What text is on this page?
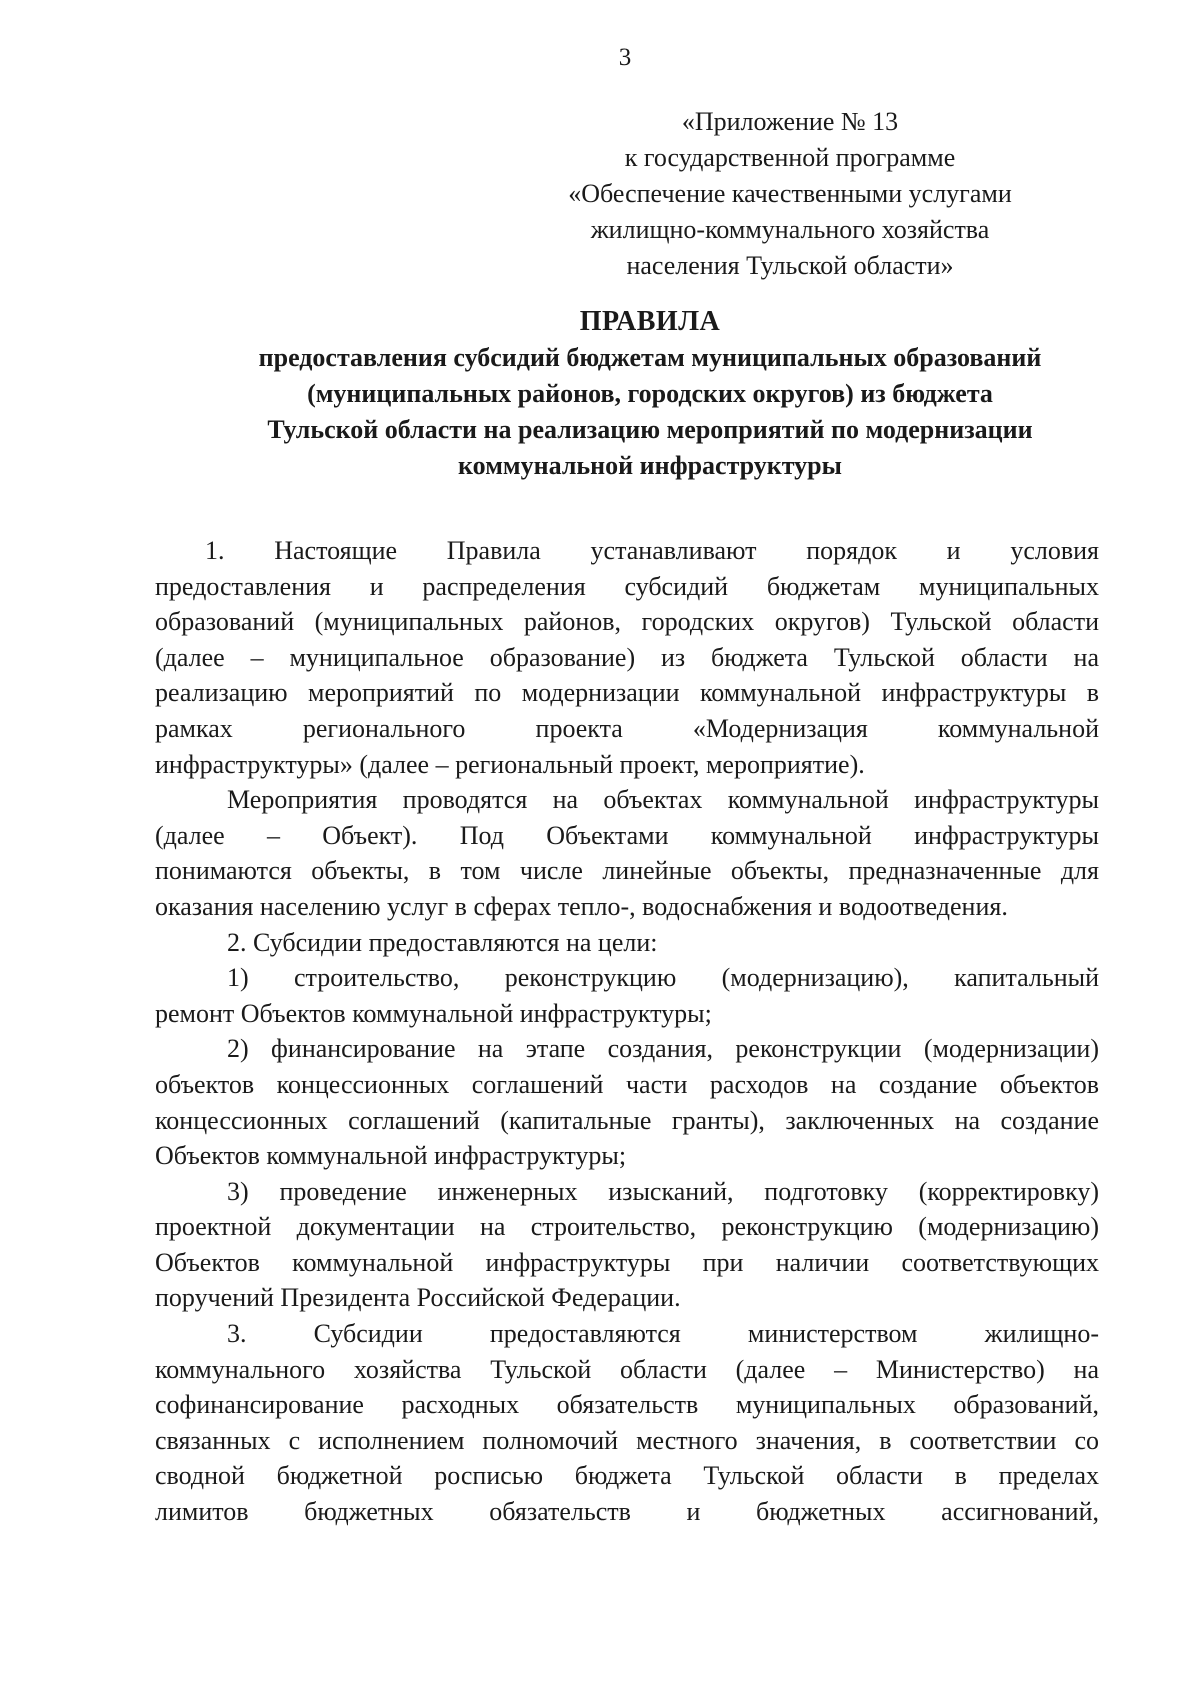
3
«Приложение № 13
к государственной программе
«Обеспечение качественными услугами
жилищно-коммунального хозяйства
населения Тульской области»
ПРАВИЛА
предоставления субсидий бюджетам муниципальных образований
(муниципальных районов, городских округов) из бюджета
Тульской области на реализацию мероприятий по модернизации
коммунальной инфраструктуры
1. Настоящие Правила устанавливают порядок и условия
предоставления и распределения субсидий бюджетам муниципальных
образований (муниципальных районов, городских округов) Тульской области
(далее – муниципальное образование) из бюджета Тульской области на
реализацию мероприятий по модернизации коммунальной инфраструктуры в
рамках регионального проекта «Модернизация коммунальной
инфраструктуры» (далее – региональный проект, мероприятие).
Мероприятия проводятся на объектах коммунальной инфраструктуры
(далее – Объект). Под Объектами коммунальной инфраструктуры
понимаются объекты, в том числе линейные объекты, предназначенные для
оказания населению услуг в сферах тепло-, водоснабжения и водоотведения.
2. Субсидии предоставляются на цели:
1) строительство, реконструкцию (модернизацию), капитальный
ремонт Объектов коммунальной инфраструктуры;
2) финансирование на этапе создания, реконструкции (модернизации)
объектов концессионных соглашений части расходов на создание объектов
концессионных соглашений (капитальные гранты), заключенных на создание
Объектов коммунальной инфраструктуры;
3) проведение инженерных изысканий, подготовку (корректировку)
проектной документации на строительство, реконструкцию (модернизацию)
Объектов коммунальной инфраструктуры при наличии соответствующих
поручений Президента Российской Федерации.
3. Субсидии предоставляются министерством жилищно-
коммунального хозяйства Тульской области (далее – Министерство) на
софинансирование расходных обязательств муниципальных образований,
связанных с исполнением полномочий местного значения, в соответствии со
сводной бюджетной росписью бюджета Тульской области в пределах
лимитов бюджетных обязательств и бюджетных ассигнований,
